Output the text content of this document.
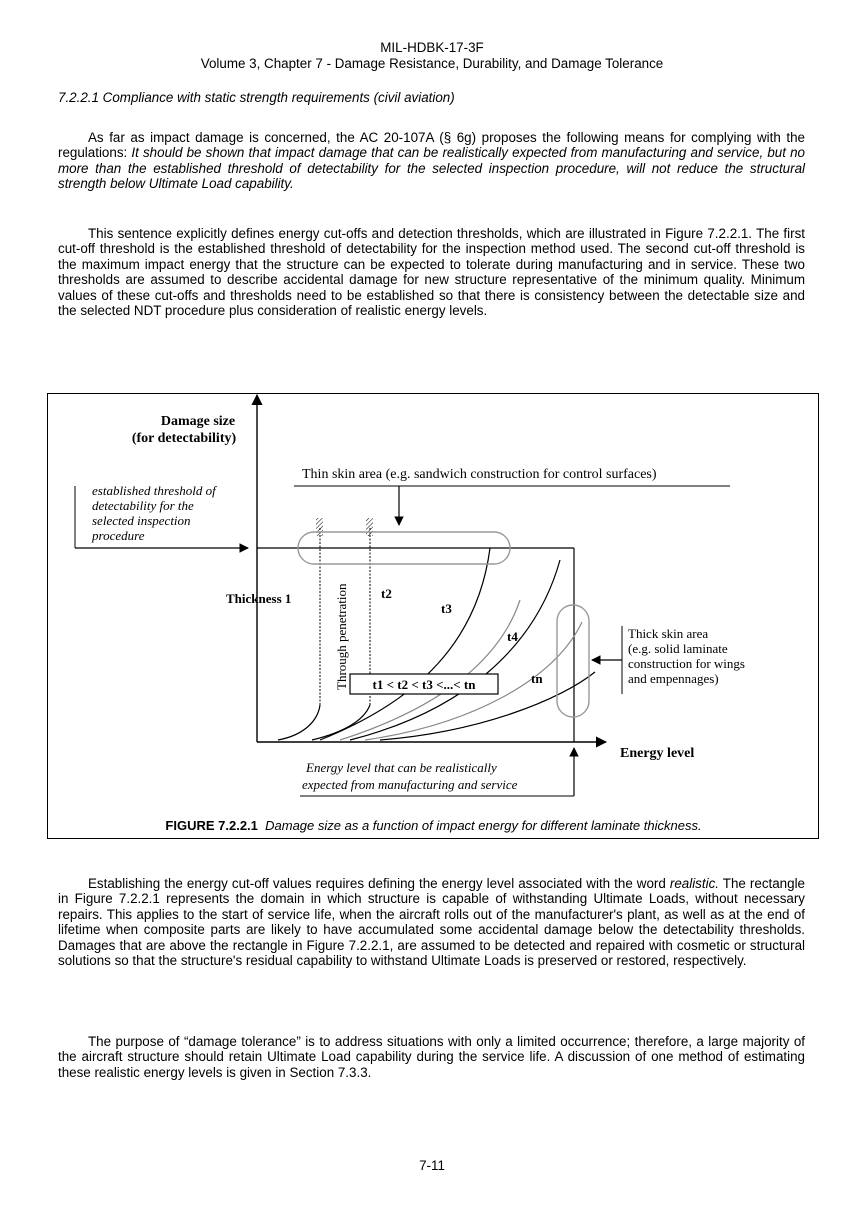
MIL-HDBK-17-3F
Volume 3, Chapter 7 - Damage Resistance, Durability, and Damage Tolerance
7.2.2.1 Compliance with static strength requirements (civil aviation)
As far as impact damage is concerned, the AC 20-107A (§ 6g) proposes the following means for complying with the regulations: It should be shown that impact damage that can be realistically expected from manufacturing and service, but no more than the established threshold of detectability for the selected inspection procedure, will not reduce the structural strength below Ultimate Load capability.
This sentence explicitly defines energy cut-offs and detection thresholds, which are illustrated in Figure 7.2.2.1. The first cut-off threshold is the established threshold of detectability for the inspection method used. The second cut-off threshold is the maximum impact energy that the structure can be expected to tolerate during manufacturing and in service. These two thresholds are assumed to describe accidental damage for new structure representative of the minimum quality. Minimum values of these cut-offs and thresholds need to be established so that there is consistency between the detectable size and the selected NDT procedure plus consideration of realistic energy levels.
Damage size
(for detectability)
Energy level
established threshold of
detectability for the
selected inspection
procedure
Thin skin area (e.g. sandwich construction for control surfaces)
Thickness 1	Through penetration t2
t3
t4
tn
t1 < t2 < t3 <...< tn
Thick skin area
(e.g. solid laminate
construction for wings
and empennages)
Energy level that can be realistically
expected from manufacturing and service
FIGURE 7.2.2.1 Damage size as a function of impact energy for different laminate thickness.
Establishing the energy cut-off values requires defining the energy level associated with the word realistic. The rectangle in Figure 7.2.2.1 represents the domain in which structure is capable of withstanding Ultimate Loads, without necessary repairs. This applies to the start of service life, when the aircraft rolls out of the manufacturer's plant, as well as at the end of lifetime when composite parts are likely to have accumulated some accidental damage below the detectability thresholds. Damages that are above the rectangle in Figure 7.2.2.1, are assumed to be detected and repaired with cosmetic or structural solutions so that the structure's residual capability to withstand Ultimate Loads is preserved or restored, respectively.
The purpose of “damage tolerance” is to address situations with only a limited occurrence; therefore, a large majority of the aircraft structure should retain Ultimate Load capability during the service life. A discussion of one method of estimating these realistic energy levels is given in Section 7.3.3.
7-11
